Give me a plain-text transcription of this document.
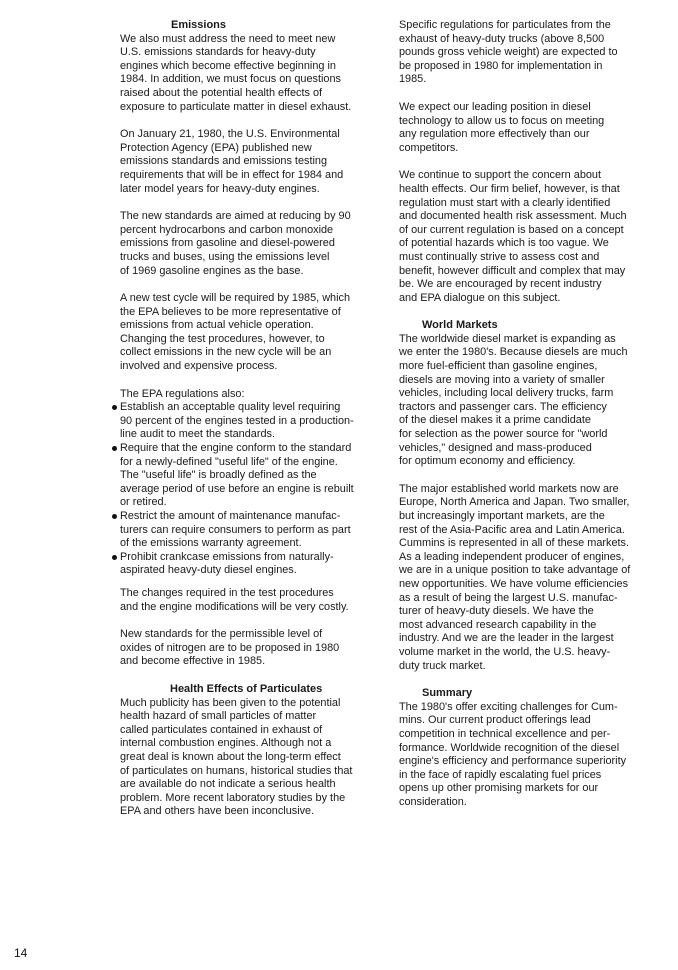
Emissions

We also must address the need to meet new
U.S. emissions standards for heavy-duty
engines which become effective beginning in
1984. In addition, we must focus on questions
raised about the potential health effects of
exposure to particulate matter in diesel exhaust.

On January 21, 1980, the U.S. Environmental
Protection Agency (EPA) published new
emissions standards and emissions testing
requirements that will be in effect for 1984 and
later model years for heavy-duty engines.

The new standards are aimed at reducing by 90
percent hydrocarbons and carbon monoxide
emissions from gasoline and diesel-powered
trucks and buses, using the emissions level
of 1969 gasoline engines as the base.

A new test cycle will be required by 1985, which
the EPA believes to be more representative of
emissions from actual vehicle operation.
Changing the test procedures, however, to
collect emissions in the new cycle will be an
involved and expensive process.

The EPA regulations also:

Establish an acceptable quality level requiring
90 percent of the engines tested in a production-
line audit to meet the standards.
Require that the engine conform to the standard
for a newly-defined "useful life" of the engine.
The "useful life" is broadly defined as the
average period of use before an engine is rebuilt
or retired.
Restrict the amount of maintenance manufac-
turers can require consumers to perform as part
of the emissions warranty agreement.
Prohibit crankcase emissions from naturally-
aspirated heavy-duty diesel engines.

The changes required in the test procedures
and the engine modifications will be very costly.

New standards for the permissible level of
oxides of nitrogen are to be proposed in 1980
and become effective in 1985.

Health Effects of Particulates

Much publicity has been given to the potential
health hazard of small particles of matter
called particulates contained in exhaust of
internal combustion engines. Although not a
great deal is known about the long-term effect
of particulates on humans, historical studies that
are available do not indicate a serious health
problem. More recent laboratory studies by the
EPA and others have been inconclusive.

Specific regulations for particulates from the
exhaust of heavy-duty trucks (above 8,500
pounds gross vehicle weight) are expected to
be proposed in 1980 for implementation in
1985.

We expect our leading position in diesel
technology to allow us to focus on meeting
any regulation more effectively than our
competitors.

We continue to support the concern about
health effects. Our firm belief, however, is that
regulation must start with a clearly identified
and documented health risk assessment. Much
of our current regulation is based on a concept
of potential hazards which is too vague. We
must continually strive to assess cost and
benefit, however difficult and complex that may
be. We are encouraged by recent industry
and EPA dialogue on this subject.

World Markets

The worldwide diesel market is expanding as
we enter the 1980's. Because diesels are much
more fuel-efficient than gasoline engines,
diesels are moving into a variety of smaller
vehicles, including local delivery trucks, farm
tractors and passenger cars. The efficiency
of the diesel makes it a prime candidate
for selection as the power source for "world
vehicles," designed and mass-produced
for optimum economy and efficiency.

The major established world markets now are
Europe, North America and Japan. Two smaller,
but increasingly important markets, are the
rest of the Asia-Pacific area and Latin America.
Cummins is represented in all of these markets.
As a leading independent producer of engines,
we are in a unique position to take advantage of
new opportunities. We have volume efficiencies
as a result of being the largest U.S. manufac-
turer of heavy-duty diesels. We have the
most advanced research capability in the
industry. And we are the leader in the largest
volume market in the world, the U.S. heavy-
duty truck market.

Summary

The 1980's offer exciting challenges for Cum-
mins. Our current product offerings lead
competition in technical excellence and per-
formance. Worldwide recognition of the diesel
engine's efficiency and performance superiority
in the face of rapidly escalating fuel prices
opens up other promising markets for our
consideration.

14
